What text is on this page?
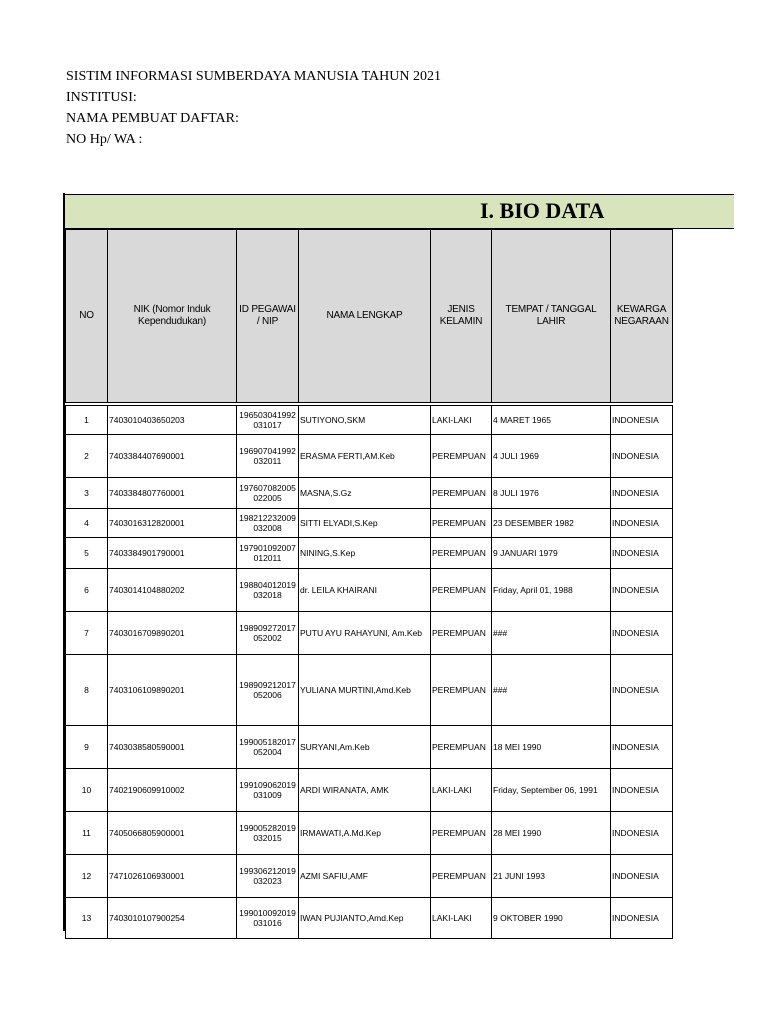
SISTIM INFORMASI SUMBERDAYA MANUSIA TAHUN 2021
INSTITUSI:
NAMA PEMBUAT DAFTAR:
NO Hp/ WA :
I. BIO DATA
NO	NIK (Nomor Induk Kependudukan)	ID PEGAWAI / NIP	NAMA LENGKAP	JENIS KELAMIN	TEMPAT / TANGGAL LAHIR	KEWARGA NEGARAAN

1	7403010403650203	196503041992031017	SUTIYONO,SKM	LAKI-LAKI	4 MARET 1965	INDONESIA
2	7403384407690001	196907041992032011	ERASMA FERTI,AM.Keb	PEREMPUAN	4 JULI 1969	INDONESIA
3	7403384807760001	197607082005022005	MASNA,S.Gz	PEREMPUAN	8 JULI 1976	INDONESIA
4	7403016312820001	198212232009032008	SITTI ELYADI,S.Kep	PEREMPUAN	23 DESEMBER 1982	INDONESIA
5	7403384901790001	197901092007012011	NINING,S.Kep	PEREMPUAN	9 JANUARI 1979	INDONESIA
6	7403014104880202	198804012019032018	dr. LEILA KHAIRANI	PEREMPUAN	Friday, April 01, 1988	INDONESIA
7	7403016709890201	198909272017052002	PUTU AYU RAHAYUNI, Am.Keb	PEREMPUAN	###	INDONESIA
8	7403106109890201	198909212017052006	YULIANA MURTINI,Amd.Keb	PEREMPUAN	###	INDONESIA
9	7403038580590001	199005182017052004	SURYANI,Am.Keb	PEREMPUAN	18 MEI 1990	INDONESIA
10	7402190609910002	199109062019031009	ARDI WIRANATA, AMK	LAKI-LAKI	Friday, September 06, 1991	INDONESIA
11	7405066805900001	199005282019032015	IRMAWATI,A.Md.Kep	PEREMPUAN	28 MEI 1990	INDONESIA
12	7471026106930001	199306212019032023	AZMI SAFIU,AMF	PEREMPUAN	21 JUNI 1993	INDONESIA
13	7403010107900254	199010092019031016	IWAN PUJIANTO,Amd.Kep	LAKI-LAKI	9 OKTOBER 1990	INDONESIA
